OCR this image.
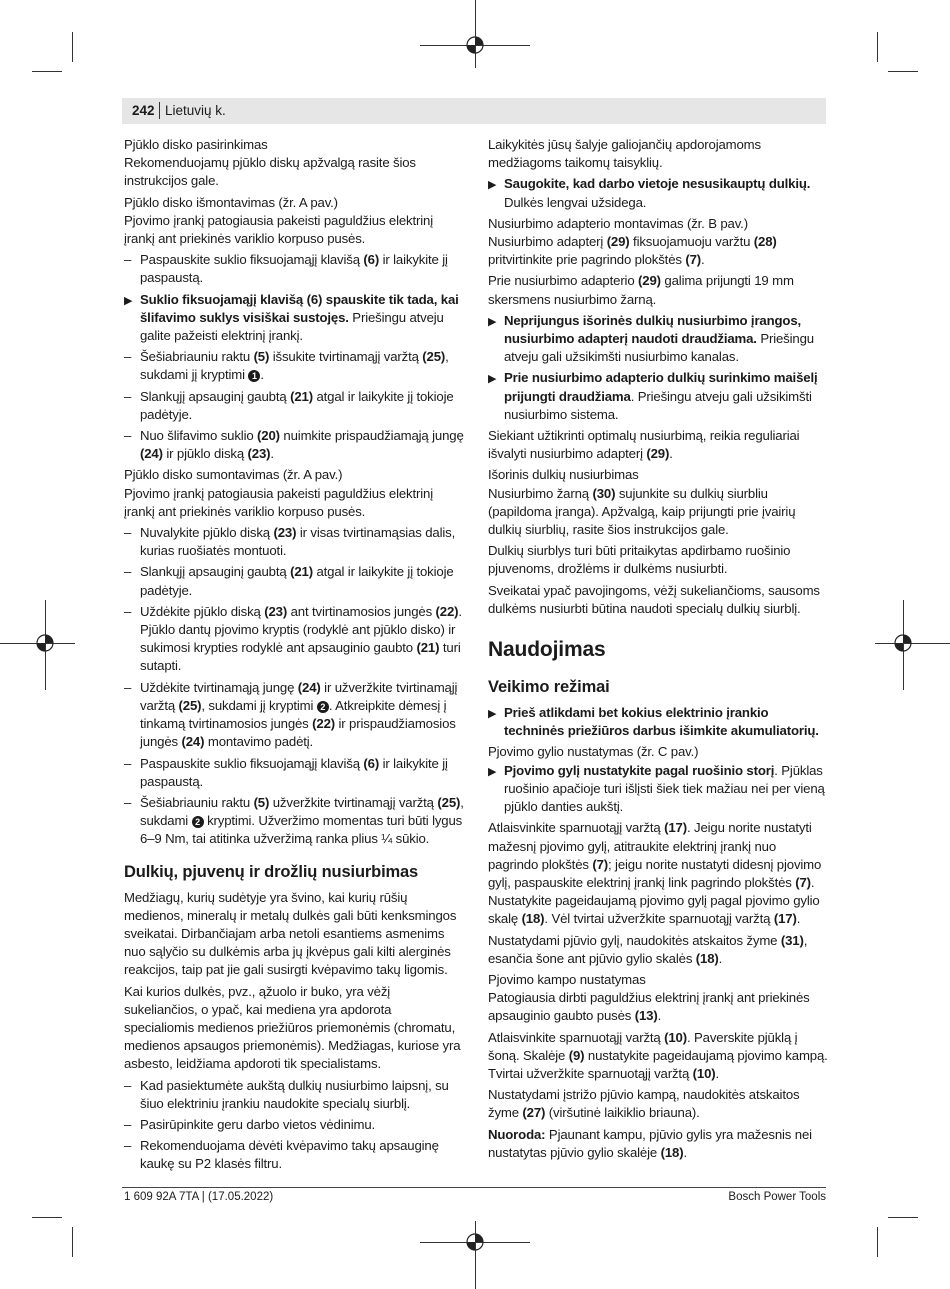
242 Lietuvių k.
Pjūklo disko pasirinkimas

Rekomenduojamų pjūklo diskų apžvalgą rasite šios instrukcijos gale.

Pjūklo disko išmontavimas (žr. A pav.)

Pjovimo įrankį patogiausia pakeisti paguldžius elektrinį įrankį ant priekinės variklio korpuso pusės.

– Paspauskite suklio fiksuojamąjį klavišą (6) ir laikykite jį paspaustą.
▶ Suklio fiksuojamąjį klavišą (6) spauskite tik tada, kai šlifavimo suklys visiškai sustojęs. Priešingu atveju galite pažeisti elektrinį įrankį.
– Šešiabriauniu raktu (5) išsukite tvirtinamąjį varžtą (25), sukdami jį kryptimi 1 .
– Slankųjį apsauginį gaubtą (21) atgal ir laikykite jį tokioje padėtyje.
– Nuo šlifavimo suklio (20) nuimkite prispaudžiamąją jungę (24) ir pjūklo diską (23).
Pjūklo disko sumontavimas (žr. A pav.)

Pjovimo įrankį patogiausia pakeisti paguldžius elektrinį įrankį ant priekinės variklio korpuso pusės.

– Nuvalykite pjūklo diską (23) ir visas tvirtinamąsias dalis, kurias ruošiatės montuoti.
– Slankųjį apsauginį gaubtą (21) atgal ir laikykite jį tokioje padėtyje.
– Uždėkite pjūklo diską (23) ant tvirtinamosios jungės (22). Pjūklo dantų pjovimo kryptis (rodyklė ant pjūklo disko) ir sukimosi krypties rodyklė ant apsauginio gaubto (21) turi sutapti.
– Uždėkite tvirtinamąją jungę (24) ir užveržkite tvirtinamąjį varžtą (25), sukdami jį kryptimi 2 . Atkreipkite dėmesį į tinkamą tvirtinamosios jungės (22) ir prispaudžiamosios jungės (24) montavimo padėtį.
– Paspauskite suklio fiksuojamąjį klavišą (6) ir laikykite jį paspaustą.
– Šešiabriauniu raktu (5) užveržkite tvirtinamąjį varžtą (25), sukdami 2 kryptimi. Užveržimo momentas turi būti lygus 6–9 Nm, tai atitinka užveržimą ranka plius ¼ sūkio.
Dulkių, pjuvenų ir drožlių nusiurbimas

Medžiagų, kurių sudėtyje yra švino, kai kurių rūšių medienos, mineralų ir metalų dulkės gali būti kenksmingos sveikatai. Dirbančiajam arba netoli esantiems asmenims nuo sąlyčio su dulkėmis arba jų įkvėpus gali kilti alerginės reakcijos, taip pat jie gali susirgti kvėpavimo takų ligomis.

Kai kurios dulkės, pvz., ąžuolo ir buko, yra vėžį sukeliančios, o ypač, kai mediena yra apdorota specialiomis medienos priežiūros priemonėmis (chromatu, medienos apsaugos priemonėmis). Medžiagas, kuriose yra asbesto, leidžiama apdoroti tik specialistams.

– Kad pasiektumėte aukštą dulkių nusiurbimo laipsnį, su šiuo elektriniu įrankiu naudokite specialų siurblį.
– Pasirūpinkite geru darbo vietos vėdinimu.
– Rekomenduojama dėvėti kvėpavimo takų apsauginę kaukę su P2 klasės filtru.

Laikykitės jūsų šalyje galiojančių apdorojamoms medžiagoms taikomų taisyklių.

▶ Saugokite, kad darbo vietoje nesusikauptų dulkių. Dulkės lengvai užsidega.
Nusiurbimo adapterio montavimas (žr. B pav.)

Nusiurbimo adapterį (29) fiksuojamuoju varžtu (28) pritvirtinkite prie pagrindo plokštės (7).

Prie nusiurbimo adapterio (29) galima prijungti 19 mm skersmens nusiurbimo žarną.

▶ Neprijungus išorinės dulkių nusiurbimo įrangos, nusiurbimo adapterį naudoti draudžiama. Priešingu atveju gali užsikimšti nusiurbimo kanalas.
▶ Prie nusiurbimo adapterio dulkių surinkimo maišelį prijungti draudžiama. Priešingu atveju gali užsikimšti nusiurbimo sistema.

Siekiant užtikrinti optimalų nusiurbimą, reikia reguliariai išvalyti nusiurbimo adapterį (29).

Išorinis dulkių nusiurbimas

Nusiurbimo žarną (30) sujunkite su dulkių siurbliu (papildoma įranga). Apžvalgą, kaip prijungti prie įvairių dulkių siurblių, rasite šios instrukcijos gale.

Dulkių siurblys turi būti pritaikytas apdirbamo ruošinio pjuvenoms, drožlėms ir dulkėms nusiurbti.

Sveikatai ypač pavojingoms, vėžį sukeliančioms, sausoms dulkėms nusiurbti būtina naudoti specialų dulkių siurblį.

Naudojimas
Veikimo režimai
▶ Prieš atlikdami bet kokius elektrinio įrankio techninės priežiūros darbus išimkite akumuliatorių.
Pjovimo gylio nustatymas (žr. C pav.)
▶ Pjovimo gylį nustatykite pagal ruošinio storį. Pjūklas ruošinio apačioje turi išlįsti šiek tiek mažiau nei per vieną pjūklo danties aukštį.

Atlaisvinkite sparnuotąjį varžtą (17). Jeigu norite nustatyti mažesnį pjovimo gylį, atitraukite elektrinį įrankį nuo pagrindo plokštės (7); jeigu norite nustatyti didesnį pjovimo gylį, paspauskite elektrinį įrankį link pagrindo plokštės (7). Nustatykite pageidaujamą pjovimo gylį pagal pjovimo gylio skalę (18). Vėl tvirtai užveržkite sparnuotąjį varžtą (17).

Nustatydami pjūvio gylį, naudokitės atskaitos žyme (31), esančia šone ant pjūvio gylio skalės (18).

Pjovimo kampo nustatymas

Patogiausia dirbti paguldžius elektrinį įrankį ant priekinės apsauginio gaubto pusės (13).

Atlaisvinkite sparnuotąjį varžtą (10). Paverskite pjūklą į šoną. Skalėje (9) nustatykite pageidaujamą pjovimo kampą. Tvirtai užveržkite sparnuotąjį varžtą (10).

Nustatydami įstrižo pjūvio kampą, naudokitės atskaitos žyme (27) (viršutinė laikiklio briauna).

Nuoroda: Pjaunant kampu, pjūvio gylis yra mažesnis nei nustatytas pjūvio gylio skalėje (18).

1 609 92A 7TA | (17.05.2022)	Bosch Power Tools
